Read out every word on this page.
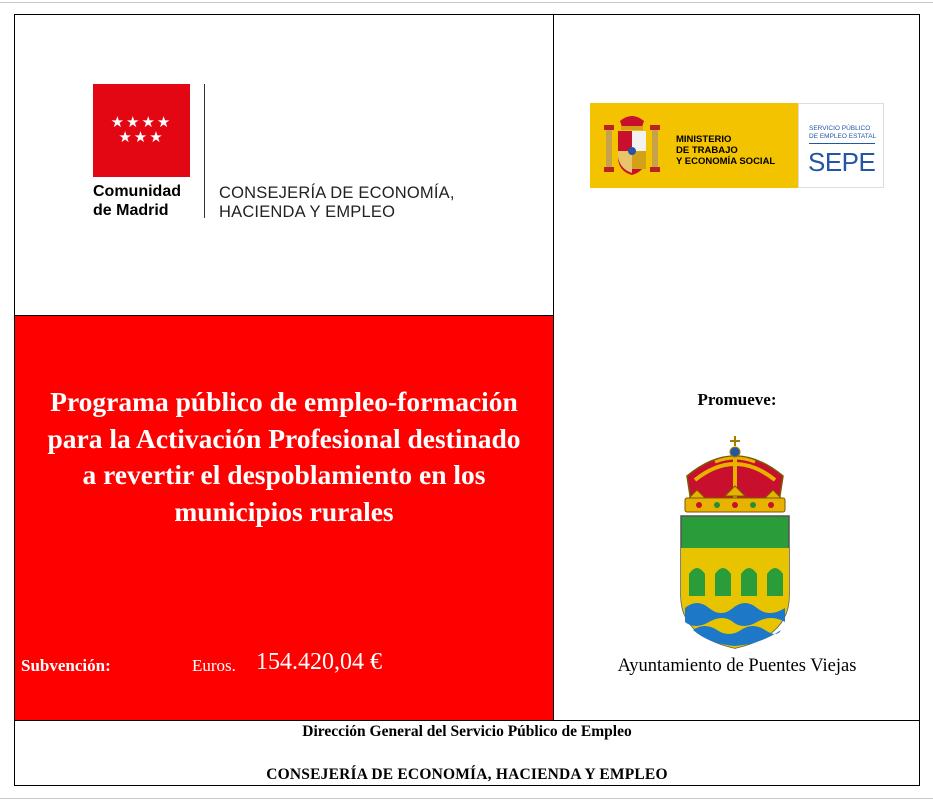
★★★★
★★★
Comunidad
de Madrid
CONSEJERÍA DE ECONOMÍA,
HACIENDA Y EMPLEO
MINISTERIO
DE TRABAJO
Y ECONOMÍA SOCIAL
SERVICIO PÚBLICO
DE EMPLEO ESTATAL
SEPE
Programa público de empleo-formación para la Activación Profesional destinado a revertir el despoblamiento en los municipios rurales
Subvención:	Euros. 154.420,04 €
Promueve:
Ayuntamiento de Puentes Viejas
Dirección General del Servicio Público de Empleo
CONSEJERÍA DE ECONOMÍA, HACIENDA Y EMPLEO
